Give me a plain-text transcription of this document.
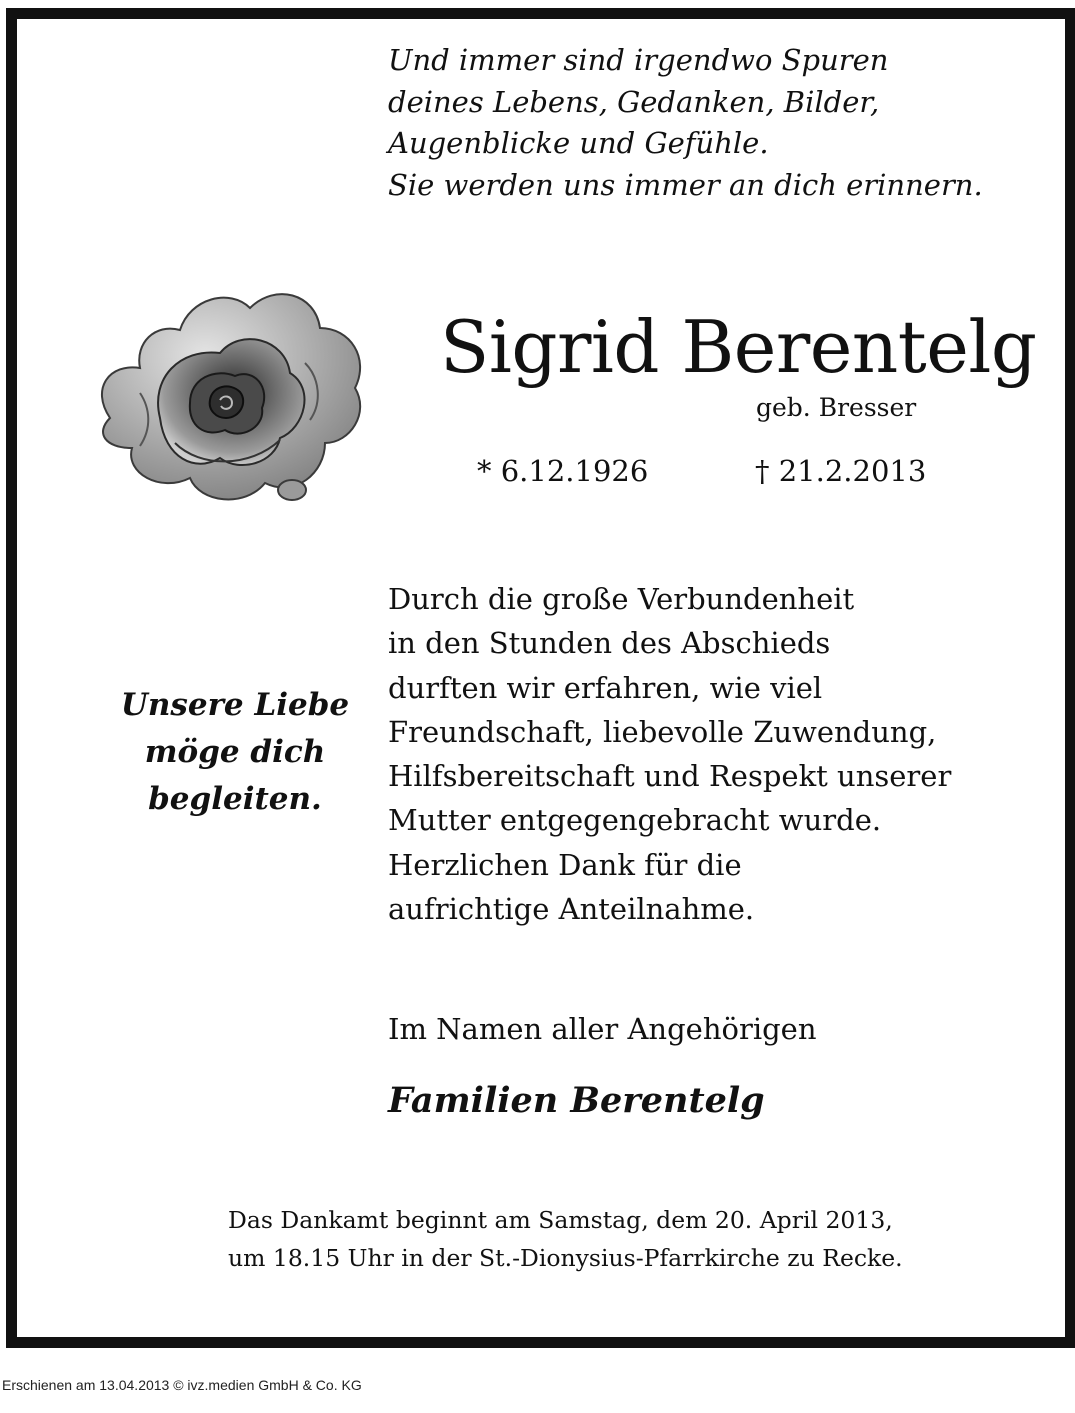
Und immer sind irgendwo Spuren
deines Lebens, Gedanken, Bilder,
Augenblicke und Gefühle.
Sie werden uns immer an dich erinnern.
Sigrid Berentelg
geb. Bresser
* 6.12.1926	† 21.2.2013
Unsere Liebe
möge dich
begleiten.
Durch die große Verbundenheit
in den Stunden des Abschieds
durften wir erfahren, wie viel
Freundschaft, liebevolle Zuwendung,
Hilfsbereitschaft und Respekt unserer
Mutter entgegengebracht wurde.
Herzlichen Dank für die
aufrichtige Anteilnahme.
Im Namen aller Angehörigen
Familien Berentelg
Das Dankamt beginnt am Samstag, dem 20. April 2013,
um 18.15 Uhr in der St.-Dionysius-Pfarrkirche zu Recke.
Erschienen am 13.04.2013 © ivz.medien GmbH & Co. KG
